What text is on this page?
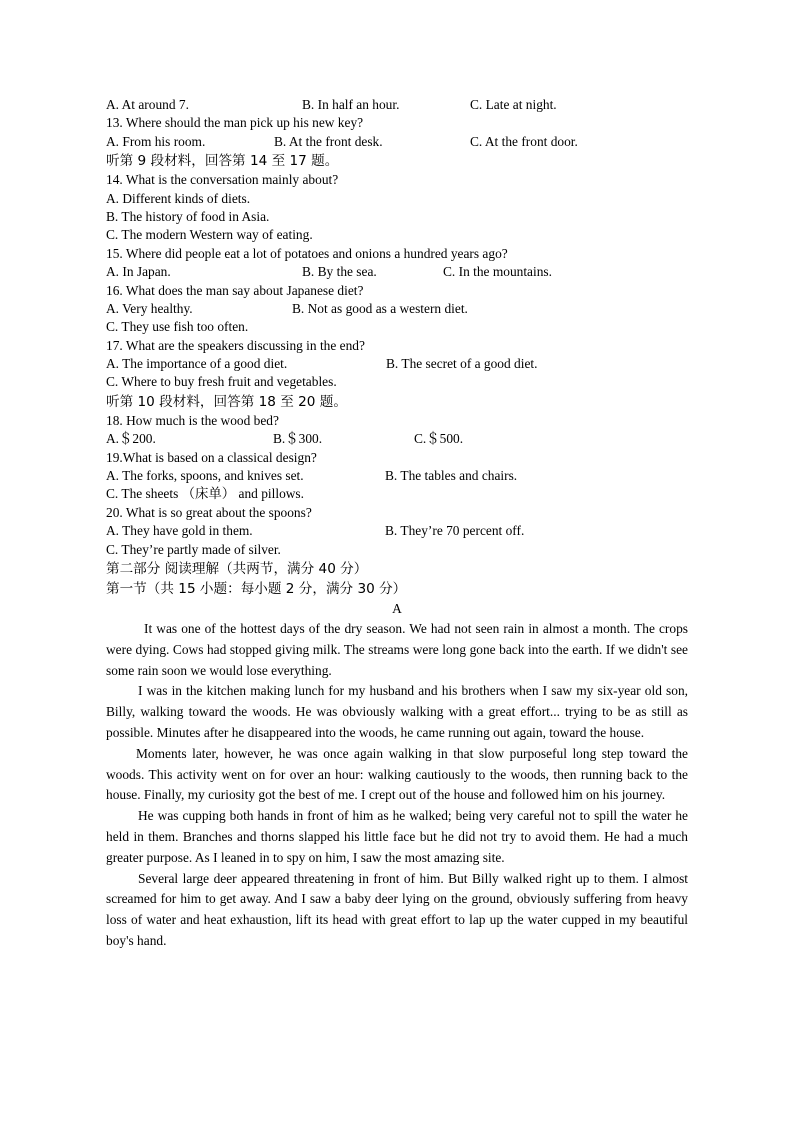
A. At around 7.	B. In half an hour.	C. Late at night.
13. Where should the man pick up his new key?
A. From his room.	B. At the front desk.	C. At the front door.
听第 9 段材料，回答第 14 至 17 题。
14. What is the conversation mainly about?
A. Different kinds of diets.
B. The history of food in Asia.
C. The modern Western way of eating.
15. Where did people eat a lot of potatoes and onions a hundred years ago?
A. In Japan.	B. By the sea.	C. In the mountains.
16. What does the man say about Japanese diet?
A. Very healthy.	B. Not as good as a western diet.
C. They use fish too often.
17. What are the speakers discussing in the end?
A. The importance of a good diet.	B. The secret of a good diet.
C. Where to buy fresh fruit and vegetables.
听第 10 段材料，回答第 18 至 20 题。
18. How much is the wood bed?
A.＄200.	B.＄300.	C.＄500.
19.What is based on a classical design?
A. The forks, spoons, and knives set.	B. The tables and chairs.
C. The sheets （床单） and pillows.
20. What is so great about the spoons?
A. They have gold in them.	B. They’re 70 percent off.
C. They’re partly made of silver.
第二部分 阅读理解（共两节，满分 40 分）
第一节（共 15 小题：每小题 2 分，满分 30 分）
A

It was one of the hottest days of the dry season. We had not seen rain in almost a month. The crops were dying. Cows had stopped giving milk. The streams were long gone back into the earth. If we didn't see some rain soon we would lose everything.

I was in the kitchen making lunch for my husband and his brothers when I saw my six-year old son, Billy, walking toward the woods. He was obviously walking with a great effort... trying to be as still as possible. Minutes after he disappeared into the woods, he came running out again, toward the house.

Moments later, however, he was once again walking in that slow purposeful long step toward the woods. This activity went on for over an hour: walking cautiously to the woods, then running back to the house. Finally, my curiosity got the best of me. I crept out of the house and followed him on his journey.

He was cupping both hands in front of him as he walked; being very careful not to spill the water he held in them. Branches and thorns slapped his little face but he did not try to avoid them. He had a much greater purpose. As I leaned in to spy on him, I saw the most amazing site.

Several large deer appeared threatening in front of him. But Billy walked right up to them. I almost screamed for him to get away. And I saw a baby deer lying on the ground, obviously suffering from heavy loss of water and heat exhaustion, lift its head with great effort to lap up the water cupped in my beautiful boy's hand.
